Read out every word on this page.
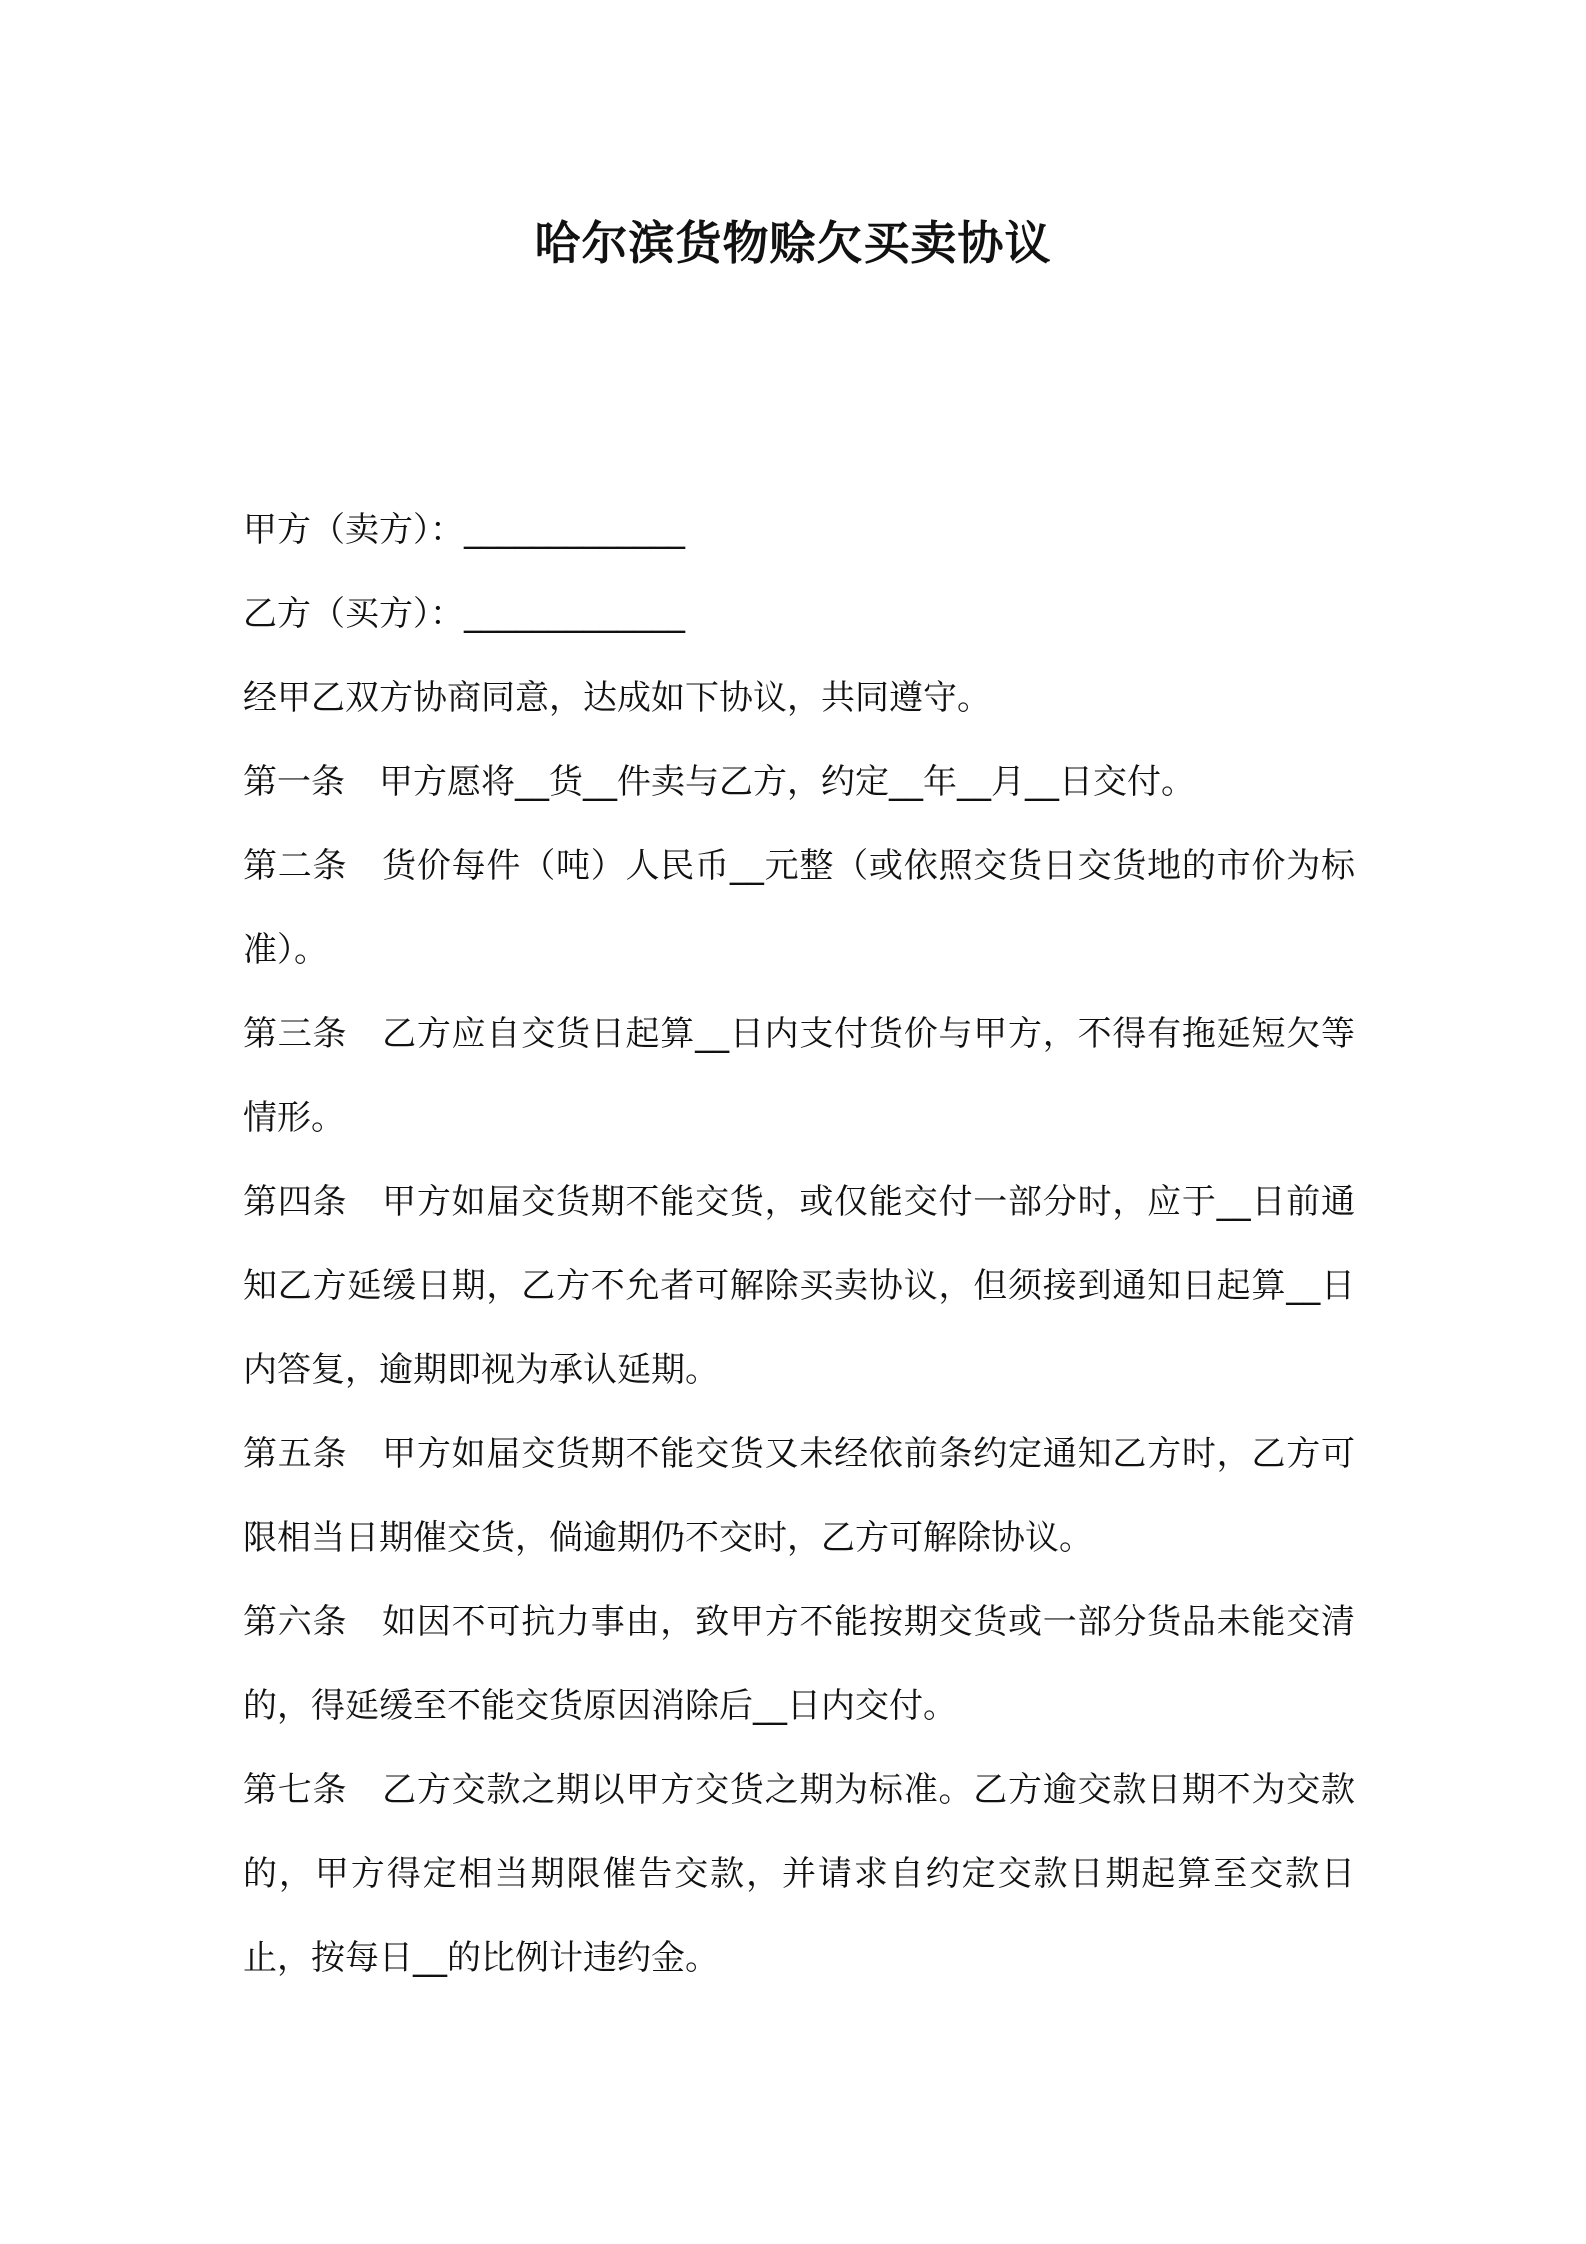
哈尔滨货物赊欠买卖协议

甲方（卖方）：_____________

乙方（买方）：_____________

经甲乙双方协商同意，达成如下协议，共同遵守。

第一条　甲方愿将__货__件卖与乙方，约定__年__月__日交付。

第二条　货价每件（吨）人民币__元整（或依照交货日交货地的市价为标准）。

第三条　乙方应自交货日起算__日内支付货价与甲方，不得有拖延短欠等情形。

第四条　甲方如届交货期不能交货，或仅能交付一部分时，应于__日前通知乙方延缓日期，乙方不允者可解除买卖协议，但须接到通知日起算__日内答复，逾期即视为承认延期。

第五条　甲方如届交货期不能交货又未经依前条约定通知乙方时，乙方可限相当日期催交货，倘逾期仍不交时，乙方可解除协议。

第六条　如因不可抗力事由，致甲方不能按期交货或一部分货品未能交清的，得延缓至不能交货原因消除后__日内交付。

第七条　乙方交款之期以甲方交货之期为标准。乙方逾交款日期不为交款的，甲方得定相当期限催告交款，并请求自约定交款日期起算至交款日止，按每日__的比例计违约金。
